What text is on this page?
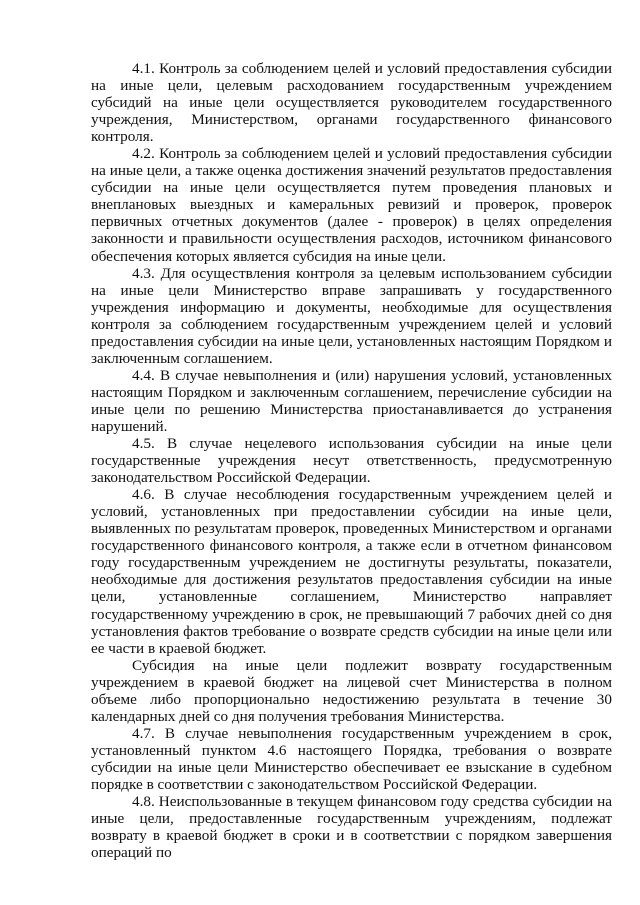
4.1. Контроль за соблюдением целей и условий предоставления субсидии на иные цели, целевым расходованием государственным учреждением субсидий на иные цели осуществляется руководителем государственного учреждения, Министерством, органами государственного финансового контроля.

4.2. Контроль за соблюдением целей и условий предоставления субсидии на иные цели, а также оценка достижения значений результатов предоставления субсидии на иные цели осуществляется путем проведения плановых и внеплановых выездных и камеральных ревизий и проверок, проверок первичных отчетных документов (далее - проверок) в целях определения законности и правильности осуществления расходов, источником финансового обеспечения которых является субсидия на иные цели.

4.3. Для осуществления контроля за целевым использованием субсидии на иные цели Министерство вправе запрашивать у государственного учреждения информацию и документы, необходимые для осуществления контроля за соблюдением государственным учреждением целей и условий предоставления субсидии на иные цели, установленных настоящим Порядком и заключенным соглашением.

4.4. В случае невыполнения и (или) нарушения условий, установленных настоящим Порядком и заключенным соглашением, перечисление субсидии на иные цели по решению Министерства приостанавливается до устранения нарушений.

4.5. В случае нецелевого использования субсидии на иные цели государственные учреждения несут ответственность, предусмотренную законодательством Российской Федерации.

4.6. В случае несоблюдения государственным учреждением целей и условий, установленных при предоставлении субсидии на иные цели, выявленных по результатам проверок, проведенных Министерством и органами государственного финансового контроля, а также если в отчетном финансовом году государственным учреждением не достигнуты результаты, показатели, необходимые для достижения результатов предоставления субсидии на иные цели, установленные соглашением, Министерство направляет государственному учреждению в срок, не превышающий 7 рабочих дней со дня установления фактов требование о возврате средств субсидии на иные цели или ее части в краевой бюджет.

Субсидия на иные цели подлежит возврату государственным учреждением в краевой бюджет на лицевой счет Министерства в полном объеме либо пропорционально недостижению результата в течение 30 календарных дней со дня получения требования Министерства.

4.7. В случае невыполнения государственным учреждением в срок, установленный пунктом 4.6 настоящего Порядка, требования о возврате субсидии на иные цели Министерство обеспечивает ее взыскание в судебном порядке в соответствии с законодательством Российской Федерации.

4.8. Неиспользованные в текущем финансовом году средства субсидии на иные цели, предоставленные государственным учреждениям, подлежат возврату в краевой бюджет в сроки и в соответствии с порядком завершения операций по
